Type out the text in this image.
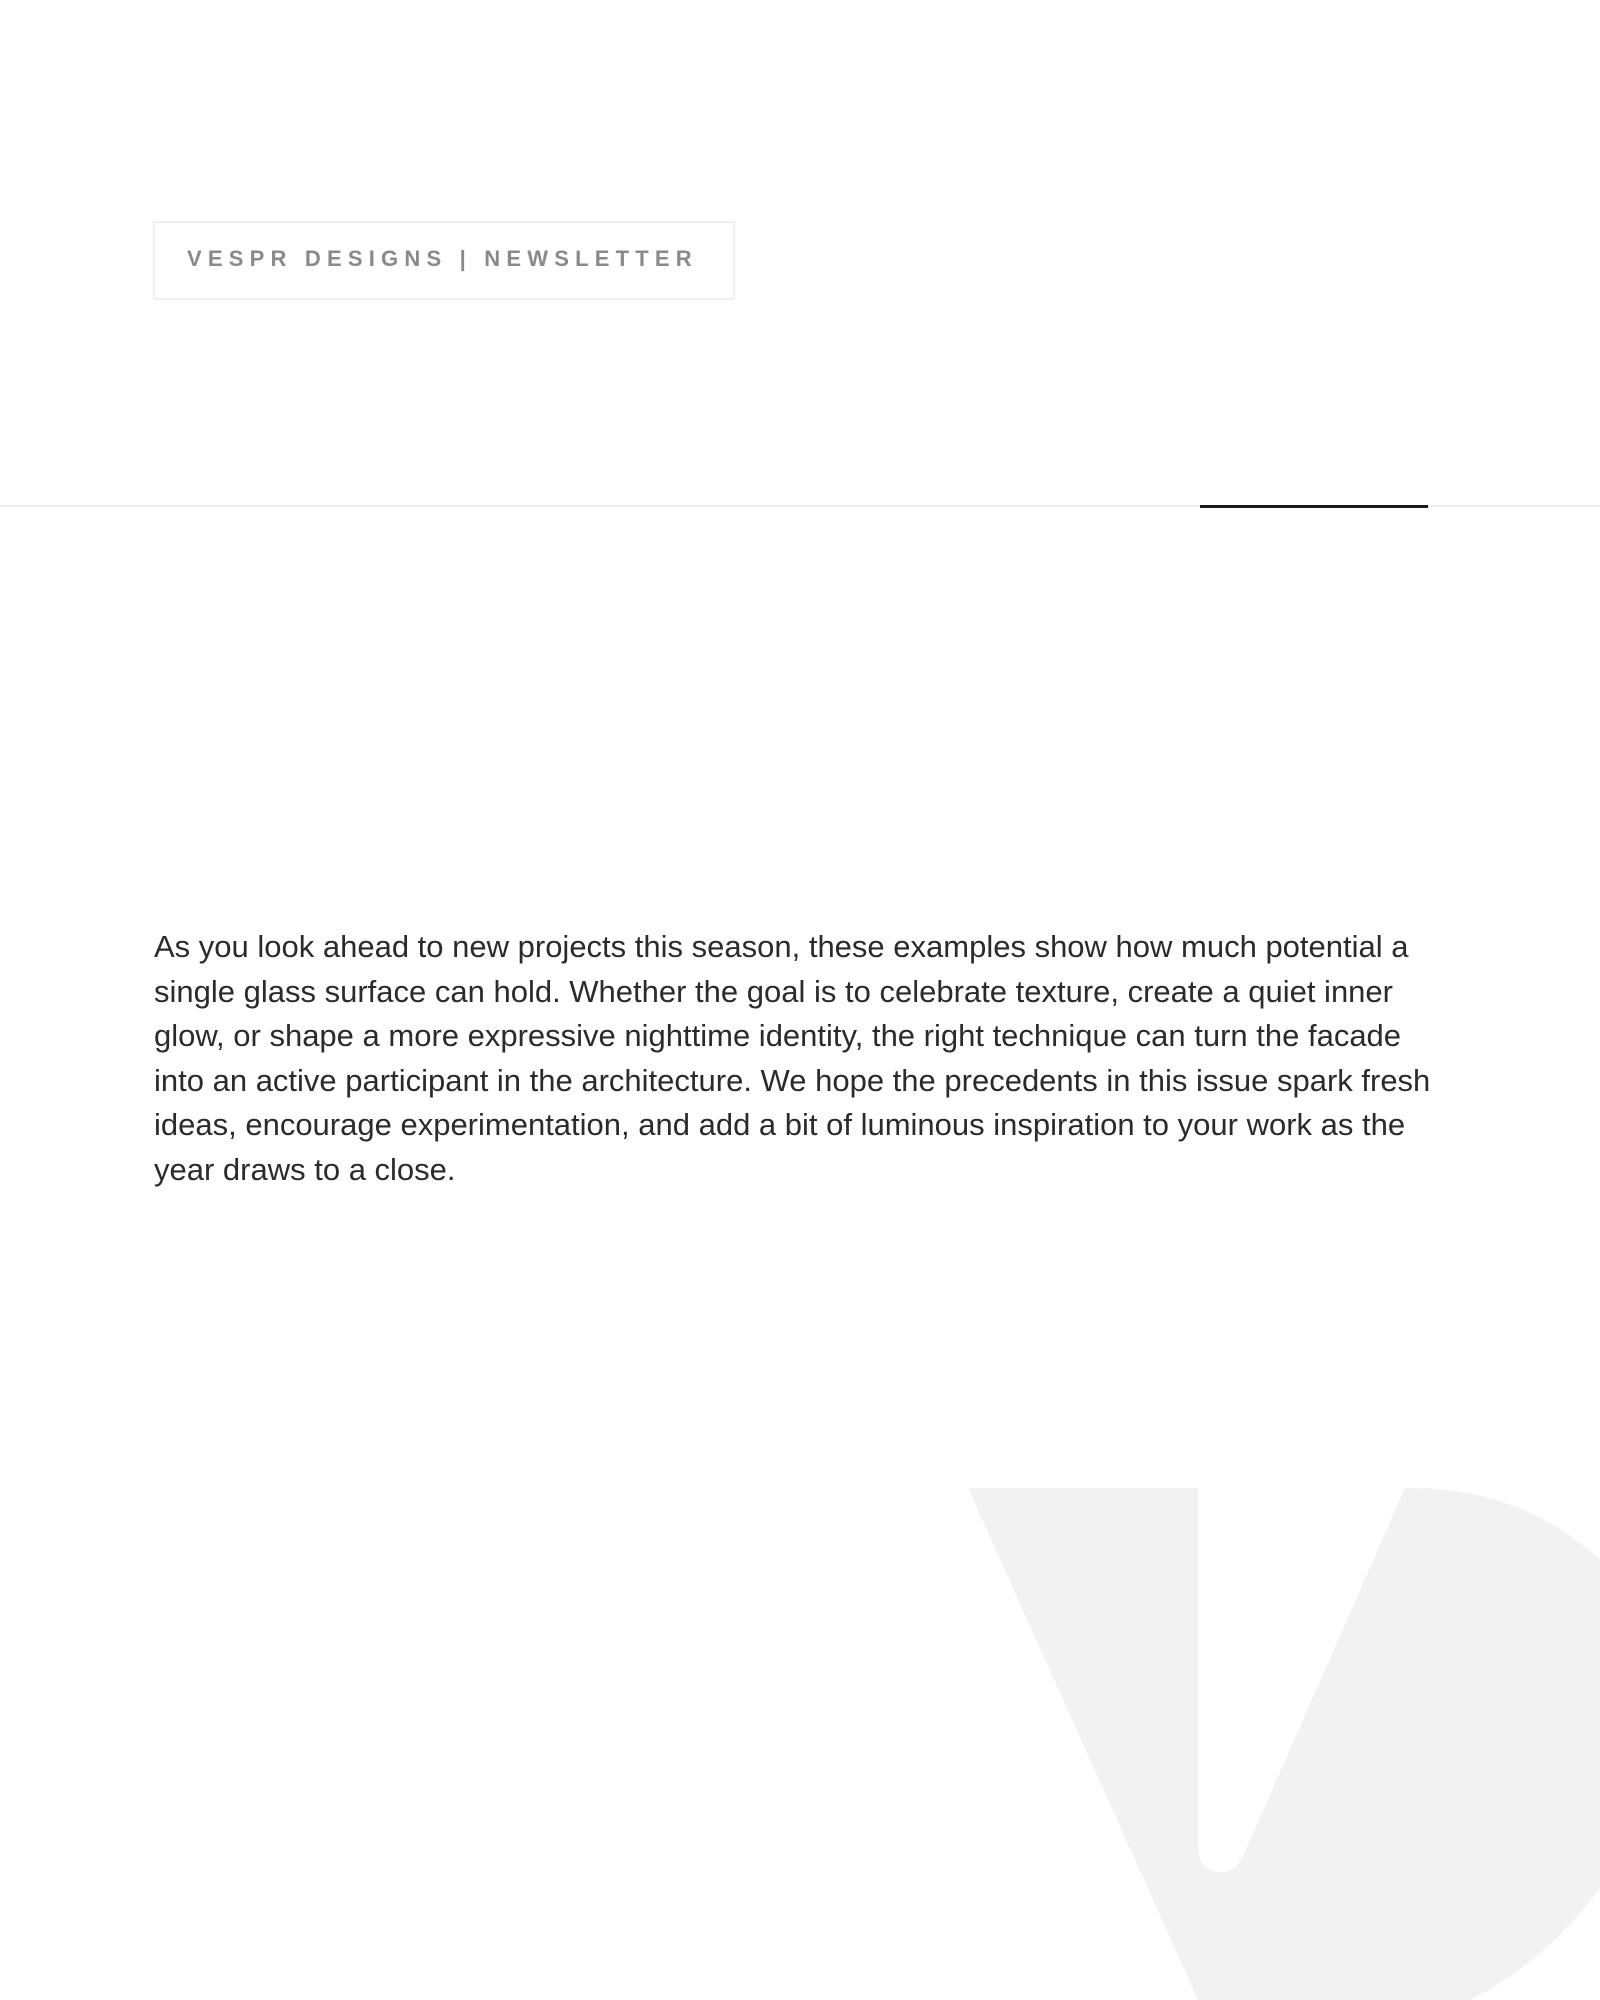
VESPR DESIGNS | NEWSLETTER

As you look ahead to new projects this season, these examples show how much potential a single glass surface can hold. Whether the goal is to celebrate texture, create a quiet inner glow, or shape a more expressive nighttime identity, the right technique can turn the facade into an active participant in the architecture. We hope the precedents in this issue spark fresh ideas, encourage experimentation, and add a bit of luminous inspiration to your work as the year draws to a close.
